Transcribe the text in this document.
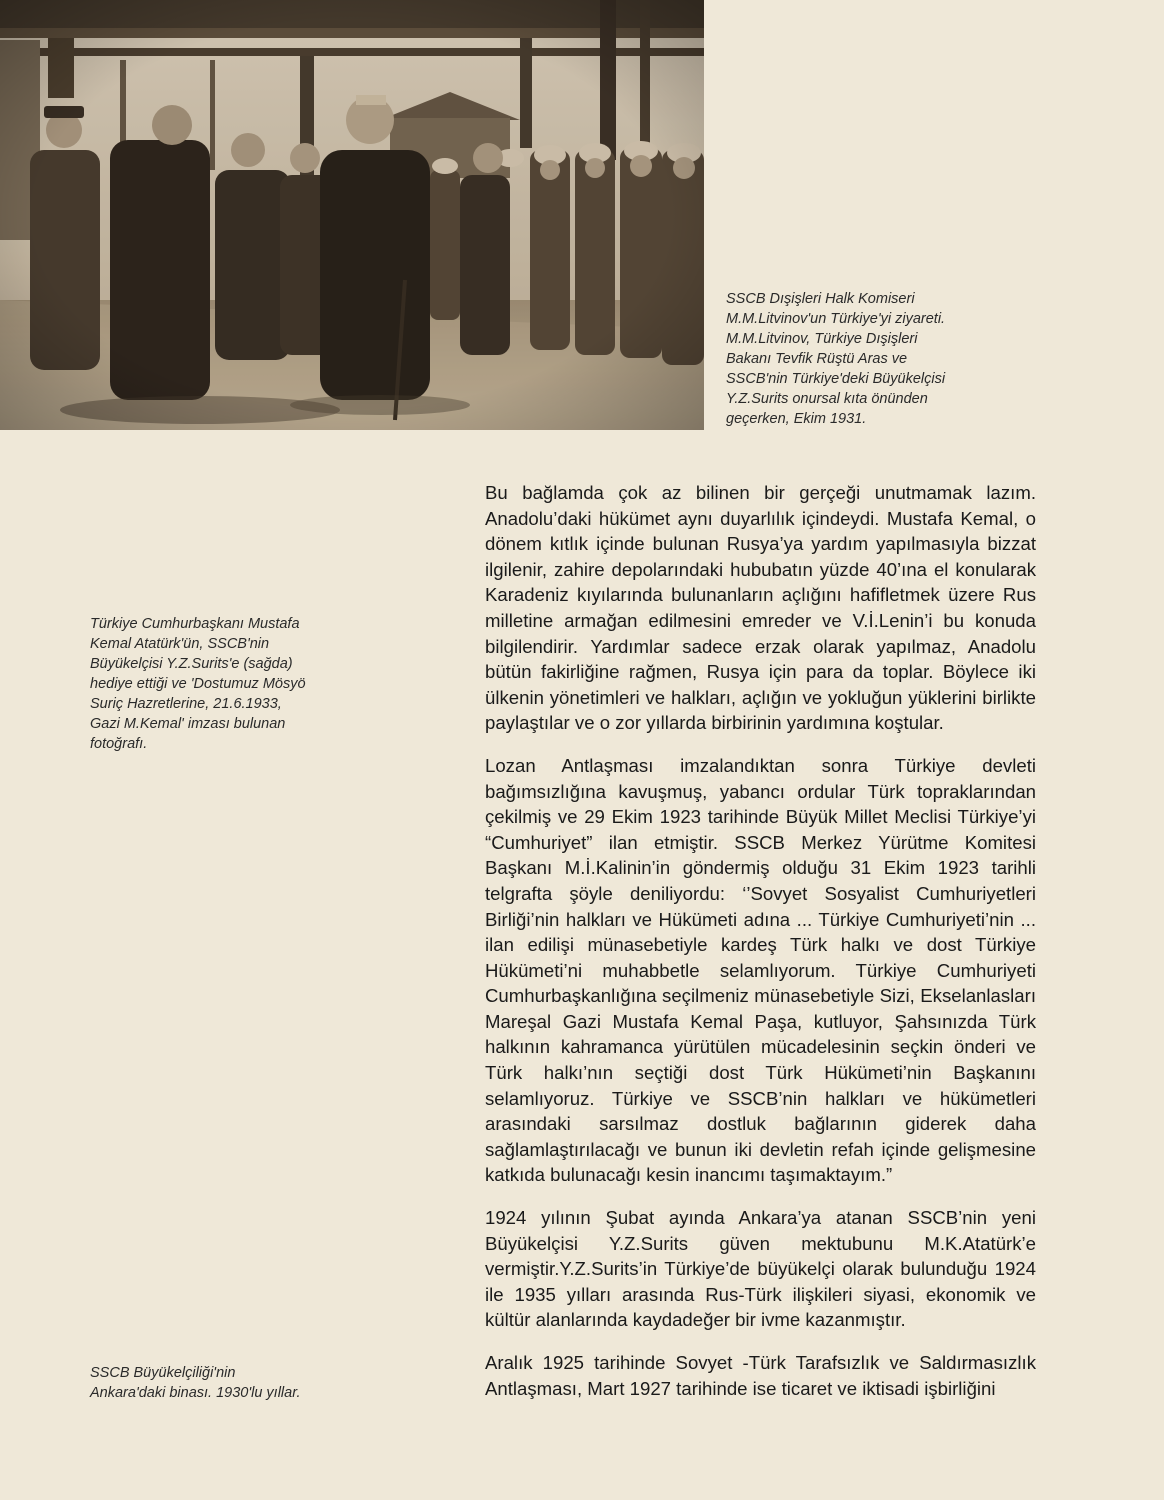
SSCB Dışişleri Halk Komiseri
M.M.Litvinov'un Türkiye'yi ziyareti.
M.M.Litvinov, Türkiye Dışişleri
Bakanı Tevfik Rüştü Aras ve
SSCB'nin Türkiye'deki Büyükelçisi
Y.Z.Surits onursal kıta önünden
geçerken, Ekim 1931.
Türkiye Cumhurbaşkanı Mustafa
Kemal Atatürk'ün, SSCB'nin
Büyükelçisi Y.Z.Surits'e (sağda)
hediye ettiği ve 'Dostumuz Mösyö
Suriç Hazretlerine, 21.6.1933,
Gazi M.Kemal' imzası bulunan
fotoğrafı.
SSCB Büyükelçiliği'nin
Ankara'daki binası. 1930'lu yıllar.

Bu bağlamda çok az bilinen bir gerçeği unutmamak lazım. Anadolu’daki hükümet aynı duyarlılık içindeydi. Mustafa Kemal, o dönem kıtlık içinde bulunan Rusya’ya yardım yapılmasıyla bizzat ilgilenir, zahire depolarındaki hububatın yüzde 40’ına el konularak Karadeniz kıyılarında bulunanların açlığını hafifletmek üzere Rus milletine armağan edilmesini emreder ve V.İ.Lenin’i bu konuda bilgilendirir. Yardımlar sadece erzak olarak yapılmaz, Anadolu bütün fakirliğine rağmen, Rusya için para da toplar. Böylece iki ülkenin yönetimleri ve halkları, açlığın ve yokluğun yüklerini birlikte paylaştılar ve o zor yıllarda birbirinin yardımına koştular.

Lozan Antlaşması imzalandıktan sonra Türkiye devleti bağımsızlığına kavuşmuş, yabancı ordular Türk topraklarından çekilmiş ve 29 Ekim 1923 tarihinde Büyük Millet Meclisi Türkiye’yi “Cumhuriyet” ilan etmiştir. SSCB Merkez Yürütme Komitesi Başkanı M.İ.Kalinin’in göndermiş olduğu 31 Ekim 1923 tarihli telgrafta şöyle deniliyordu: ‘’Sovyet Sosyalist Cumhuriyetleri Birliği’nin halkları ve Hükümeti adına ... Türkiye Cumhuriyeti’nin ... ilan edilişi münasebetiyle kardeş Türk halkı ve dost Türkiye Hükümeti’ni muhabbetle selamlıyorum. Türkiye Cumhuriyeti Cumhurbaşkanlığına seçilmeniz münasebetiyle Sizi, Ekselanlasları Mareşal Gazi Mustafa Kemal Paşa, kutluyor, Şahsınızda Türk halkının kahramanca yürütülen mücadelesinin seçkin önderi ve Türk halkı’nın seçtiği dost Türk Hükümeti’nin Başkanını selamlıyoruz. Türkiye ve SSCB’nin halkları ve hükümetleri arasındaki sarsılmaz dostluk bağlarının giderek daha sağlamlaştırılacağı ve bunun iki devletin refah içinde gelişmesine katkıda bulunacağı kesin inancımı taşımaktayım.”

1924 yılının Şubat ayında Ankara’ya atanan SSCB’nin yeni Büyükelçisi Y.Z.Surits güven mektubunu M.K.Atatürk’e vermiştir.Y.Z.Surits’in Türkiye’de büyükelçi olarak bulunduğu 1924 ile 1935 yılları arasında Rus-Türk ilişkileri siyasi, ekonomik ve kültür alanlarında kaydadeğer bir ivme kazanmıştır.

Aralık 1925 tarihinde Sovyet -Türk Tarafsızlık ve Saldırmasızlık Antlaşması, Mart 1927 tarihinde ise ticaret ve iktisadi işbirliğini
